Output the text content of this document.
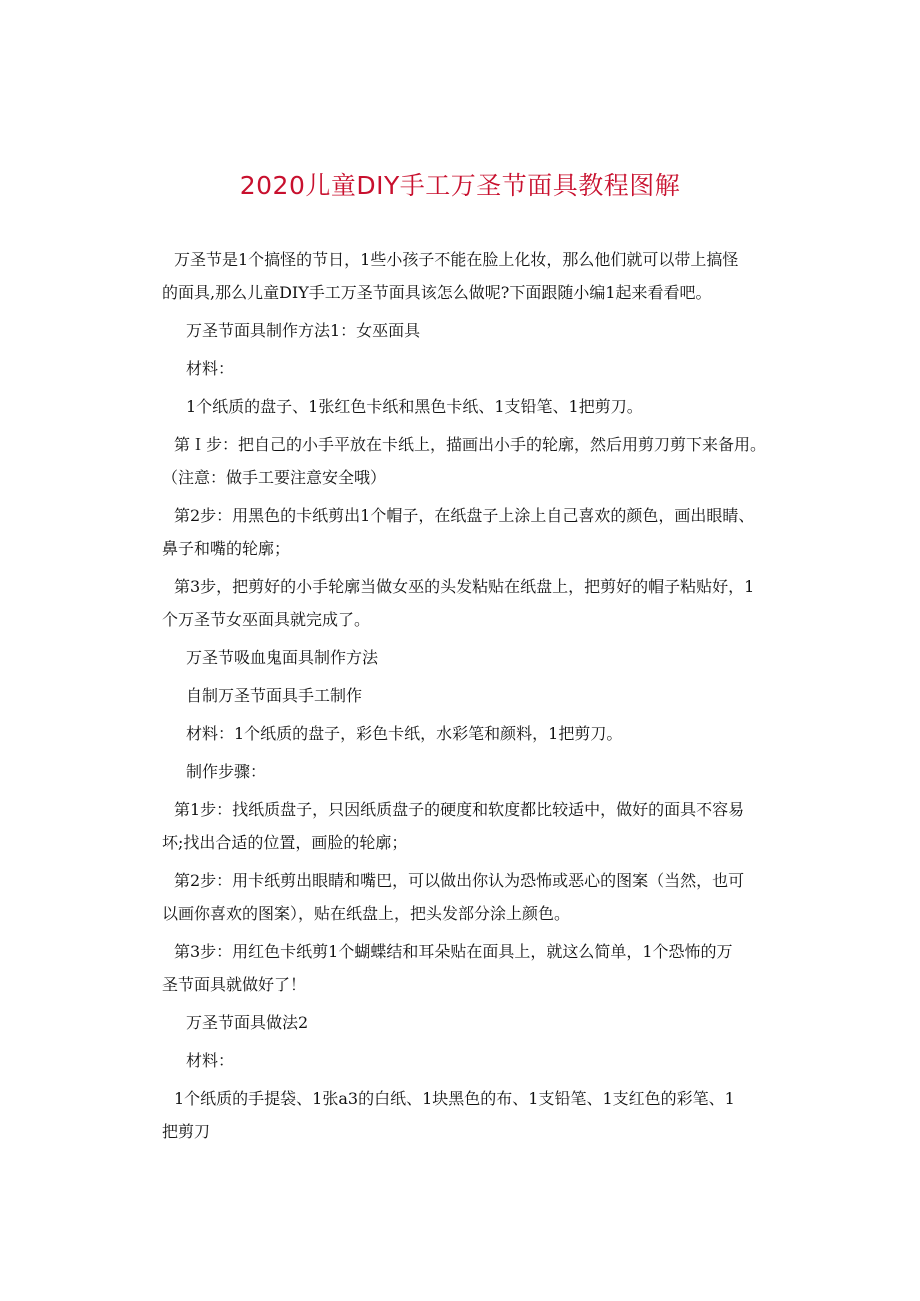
2020儿童DIY手工万圣节面具教程图解
万圣节是1个搞怪的节日，1些小孩子不能在脸上化妆，那么他们就可以带上搞怪
的面具,那么儿童DIY手工万圣节面具该怎么做呢?下面跟随小编1起来看看吧。
万圣节面具制作方法1：女巫面具
材料：
1个纸质的盘子、1张红色卡纸和黑色卡纸、1支铅笔、1把剪刀。
第Ｉ步：把自己的小手平放在卡纸上，描画出小手的轮廓，然后用剪刀剪下来备用。
（注意：做手工要注意安全哦）
第2步：用黑色的卡纸剪出1个帽子，在纸盘子上涂上自己喜欢的颜色，画出眼睛、
鼻子和嘴的轮廓；
第3步，把剪好的小手轮廓当做女巫的头发粘贴在纸盘上，把剪好的帽子粘贴好，1
个万圣节女巫面具就完成了。
万圣节吸血鬼面具制作方法
自制万圣节面具手工制作
材料：1个纸质的盘子，彩色卡纸，水彩笔和颜料，1把剪刀。
制作步骤：
第1步：找纸质盘子，只因纸质盘子的硬度和软度都比较适中，做好的面具不容易
坏;找出合适的位置，画脸的轮廓；
第2步：用卡纸剪出眼睛和嘴巴，可以做出你认为恐怖或恶心的图案（当然，也可
以画你喜欢的图案），贴在纸盘上，把头发部分涂上颜色。
第3步：用红色卡纸剪1个蝴蝶结和耳朵贴在面具上，就这么简单，1个恐怖的万
圣节面具就做好了！
万圣节面具做法2
材料：
1个纸质的手提袋、1张a3的白纸、1块黑色的布、1支铅笔、1支红色的彩笔、1
把剪刀
